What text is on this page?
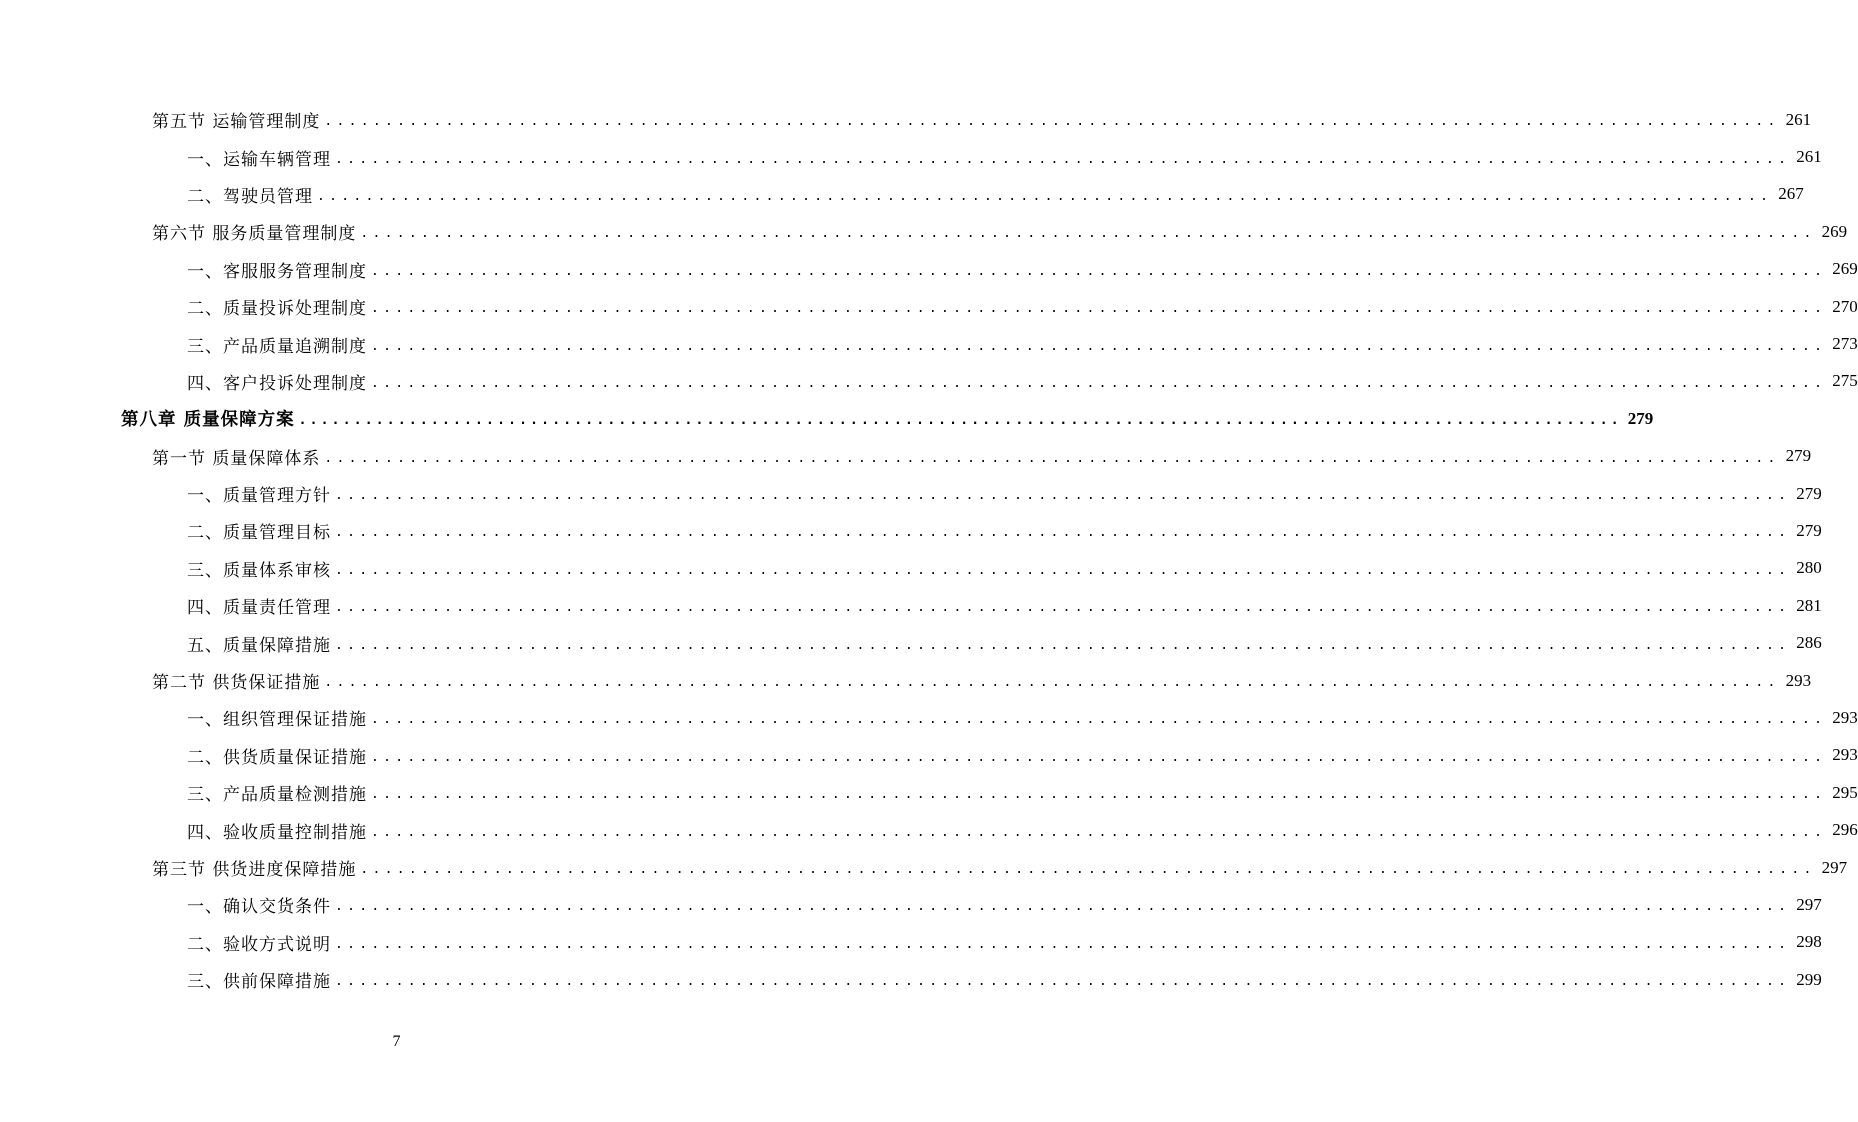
第五节 运输管理制度 ........................................................................................................................ 261
一、运输车辆管理 ........................................................................................................................ 261
二、驾驶员管理 ........................................................................................................................ 267
第六节 服务质量管理制度 ........................................................................................................................ 269
一、客服服务管理制度 ........................................................................................................................ 269
二、质量投诉处理制度 ........................................................................................................................ 270
三、产品质量追溯制度 ........................................................................................................................ 273
四、客户投诉处理制度 ........................................................................................................................ 275
第八章 质量保障方案 ........................................................................................................................ 279
第一节 质量保障体系 ........................................................................................................................ 279
一、质量管理方针 ........................................................................................................................ 279
二、质量管理目标 ........................................................................................................................ 279
三、质量体系审核 ........................................................................................................................ 280
四、质量责任管理 ........................................................................................................................ 281
五、质量保障措施 ........................................................................................................................ 286
第二节 供货保证措施 ........................................................................................................................ 293
一、组织管理保证措施 ........................................................................................................................ 293
二、供货质量保证措施 ........................................................................................................................ 293
三、产品质量检测措施 ........................................................................................................................ 295
四、验收质量控制措施 ........................................................................................................................ 296
第三节 供货进度保障措施 ........................................................................................................................ 297
一、确认交货条件 ........................................................................................................................ 297
二、验收方式说明 ........................................................................................................................ 298
三、供前保障措施 ........................................................................................................................ 299
7
